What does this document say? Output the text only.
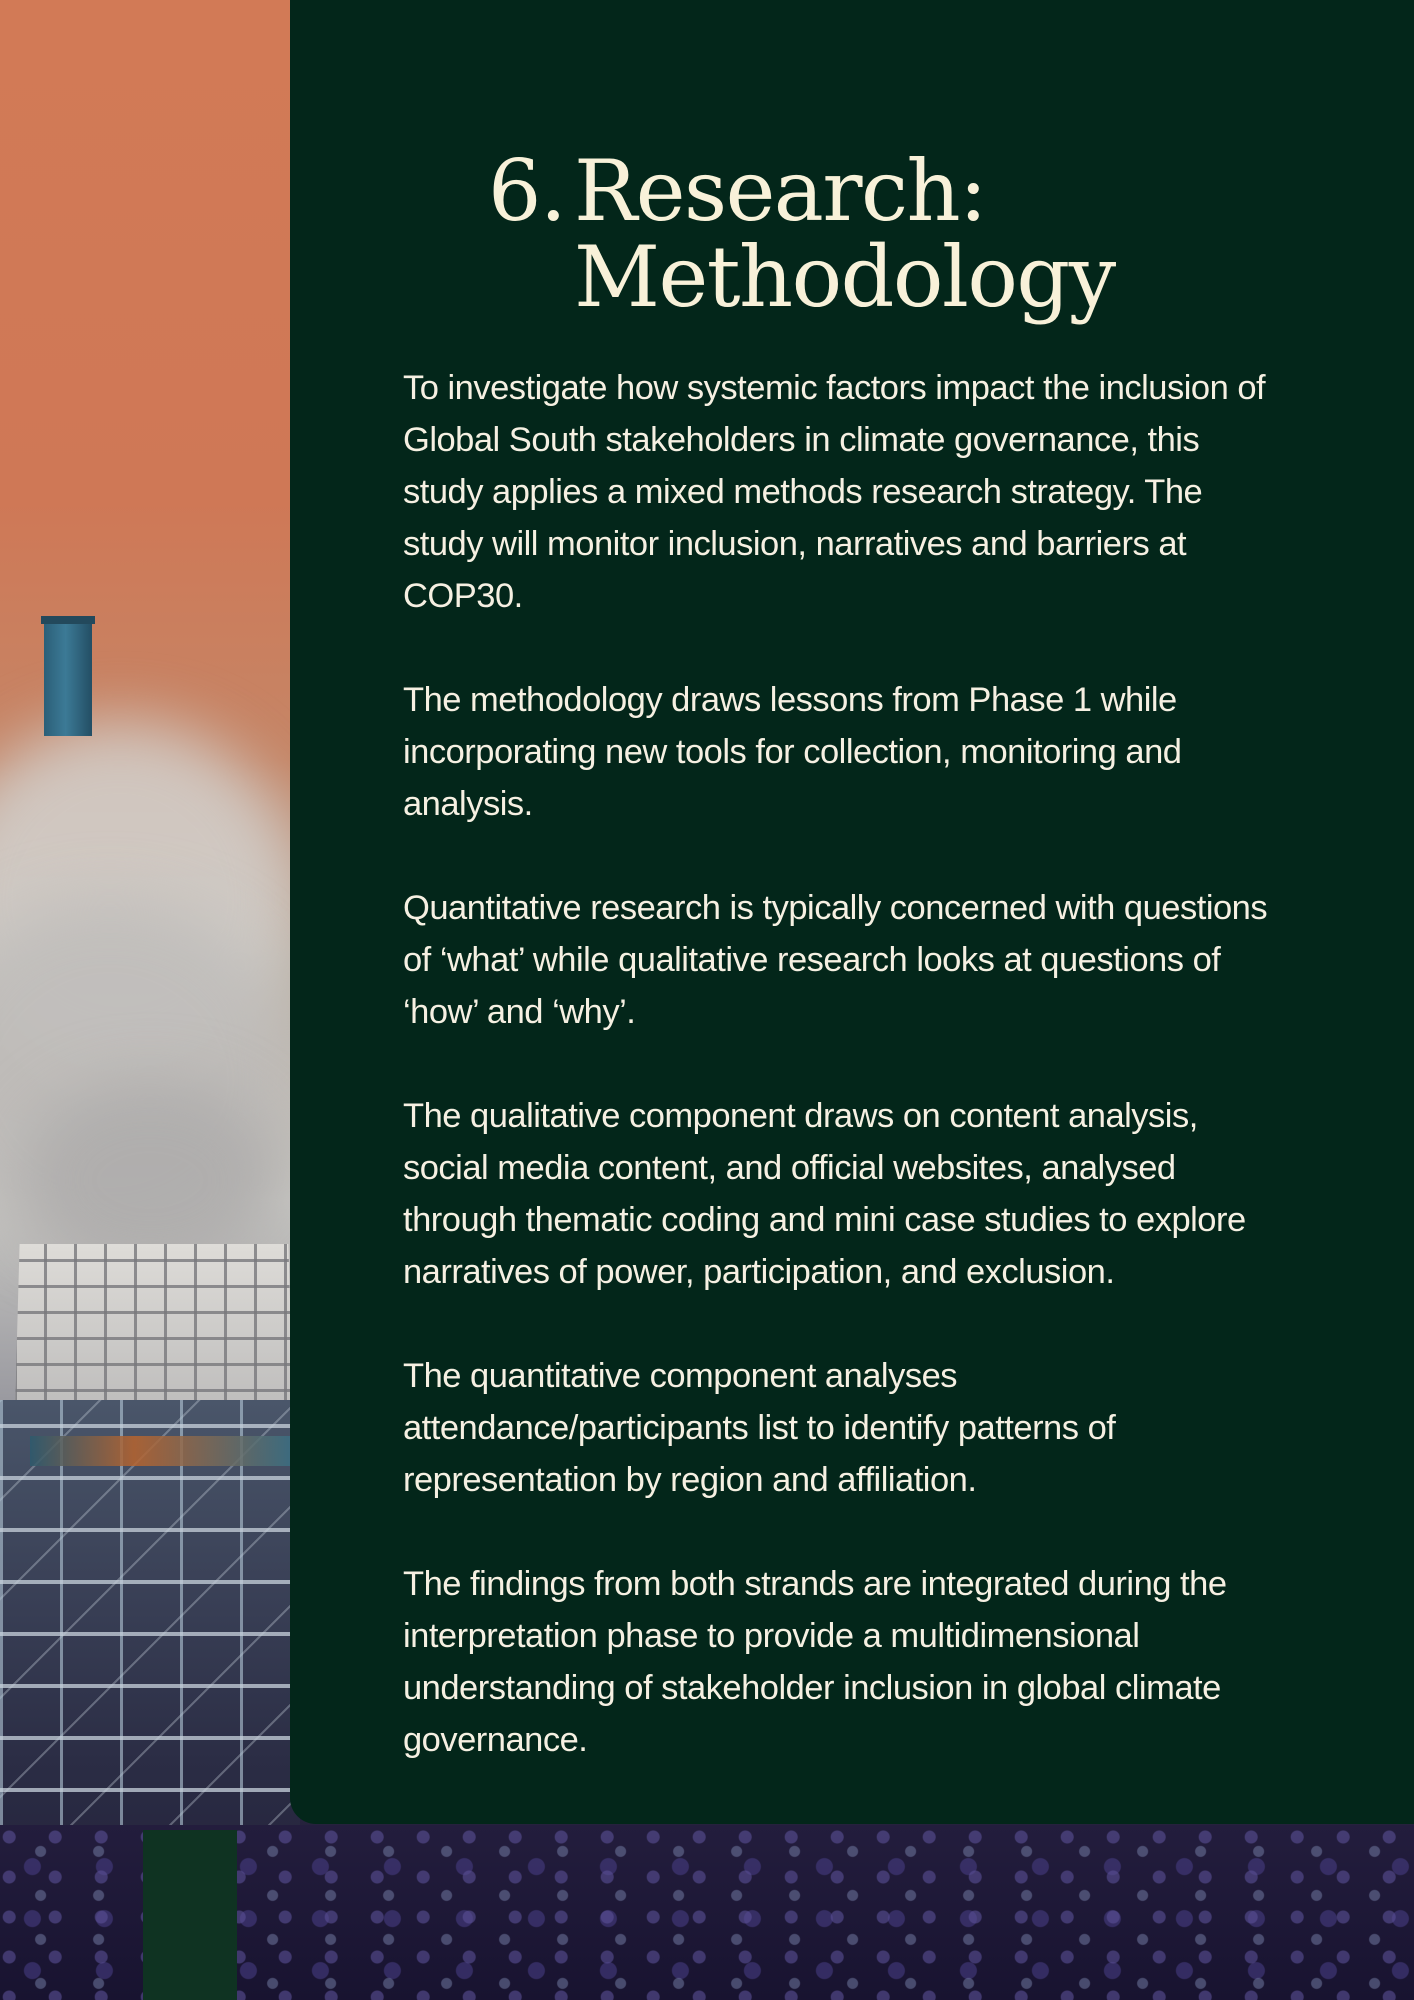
6. Research:
Methodology

To investigate how systemic factors impact the inclusion of Global South stakeholders in climate governance, this study applies a mixed methods research strategy. The study will monitor inclusion, narratives and barriers at COP30.

The methodology draws lessons from Phase 1 while incorporating new tools for collection, monitoring and analysis.

Quantitative research is typically concerned with questions of ‘what’ while qualitative research looks at questions of ‘how’ and ‘why’.

The qualitative component draws on content analysis, social media content, and official websites, analysed through thematic coding and mini case studies to explore narratives of power, participation, and exclusion.

The quantitative component analyses attendance/participants list to identify patterns of representation by region and affiliation.

The findings from both strands are integrated during the interpretation phase to provide a multidimensional understanding of stakeholder inclusion in global climate governance.
